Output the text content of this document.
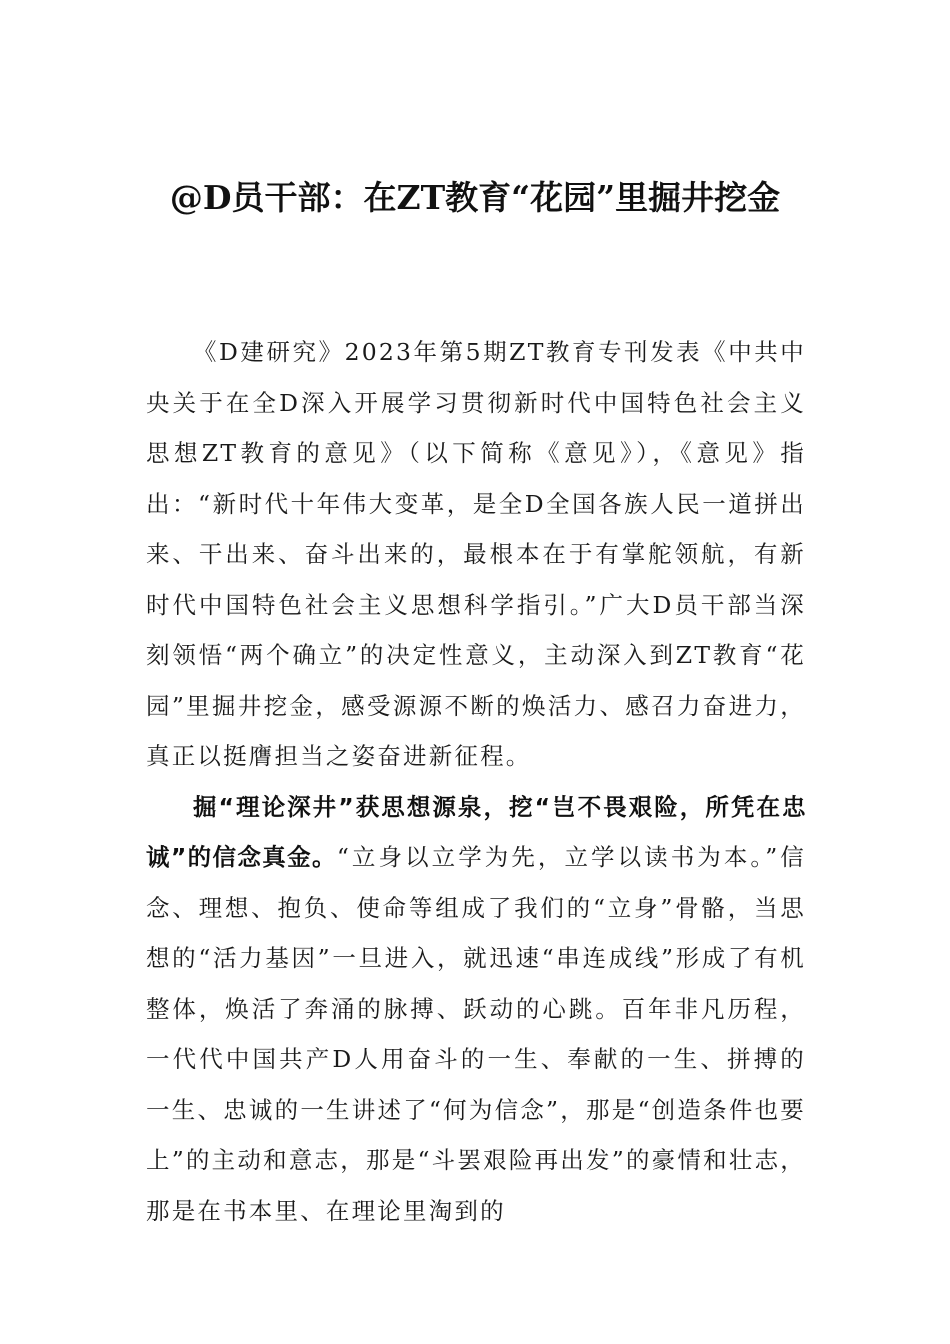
@D员干部：在ZT教育“花园”里掘井挖金

《D建研究》2023年第5期ZT教育专刊发表《中共中央关于在全D深入开展学习贯彻新时代中国特色社会主义思想ZT教育的意见》（以下简称《意见》），《意见》指出：“新时代十年伟大变革，是全D全国各族人民一道拼出来、干出来、奋斗出来的，最根本在于有掌舵领航，有新时代中国特色社会主义思想科学指引。”广大D员干部当深刻领悟“两个确立”的决定性意义，主动深入到ZT教育“花园”里掘井挖金，感受源源不断的焕活力、感召力奋进力，真正以挺膺担当之姿奋进新征程。

掘“理论深井”获思想源泉，挖“岂不畏艰险，所凭在忠诚”的信念真金。“立身以立学为先，立学以读书为本。”信念、理想、抱负、使命等组成了我们的“立身”骨骼，当思想的“活力基因”一旦进入，就迅速“串连成线”形成了有机整体，焕活了奔涌的脉搏、跃动的心跳。百年非凡历程，一代代中国共产D人用奋斗的一生、奉献的一生、拼搏的一生、忠诚的一生讲述了“何为信念”，那是“创造条件也要上”的主动和意志，那是“斗罢艰险再出发”的豪情和壮志，那是在书本里、在理论里淘到的
